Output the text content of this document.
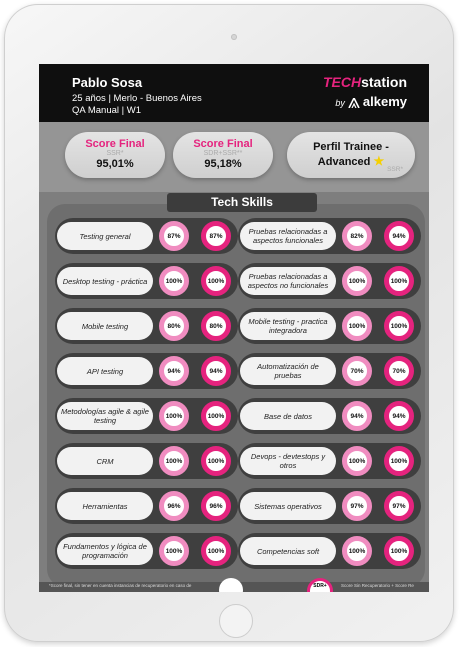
Pablo Sosa
25 años | Merlo - Buenos Aires
QA Manual | W1
TECHstation
by alkemy
Score Final
SSR*
95,01%
Score Final
SDR+SSR**
95,18%
Perfil Trainee -
Advanced ★
SSR*
Tech Skills
Testing general	87%	87%
Desktop testing - práctica	100%	100%
Mobile testing	80%	80%
API testing	94%	94%
Metodologías agile & agile testing	100%	100%
CRM	100%	100%
Herramientas	96%	96%
Fundamentos y lógica de programación	100%	100%
Pruebas relacionadas a aspectos funcionales	82%	94%
Pruebas relacionadas a aspectos no funcionales	100%	100%
Mobile testing - practica integradora	100%	100%
Automatización de pruebas	70%	70%
Base de datos	94%	94%
Devops - devtestops y otros	100%	100%
Sistemas operativos	97%	97%
Competencias soft	100%	100%
*Score final, sin tener en cuenta instancias de recuperatorio en caso de	SDR+	Score Sin Recuperatorio + Score Re
